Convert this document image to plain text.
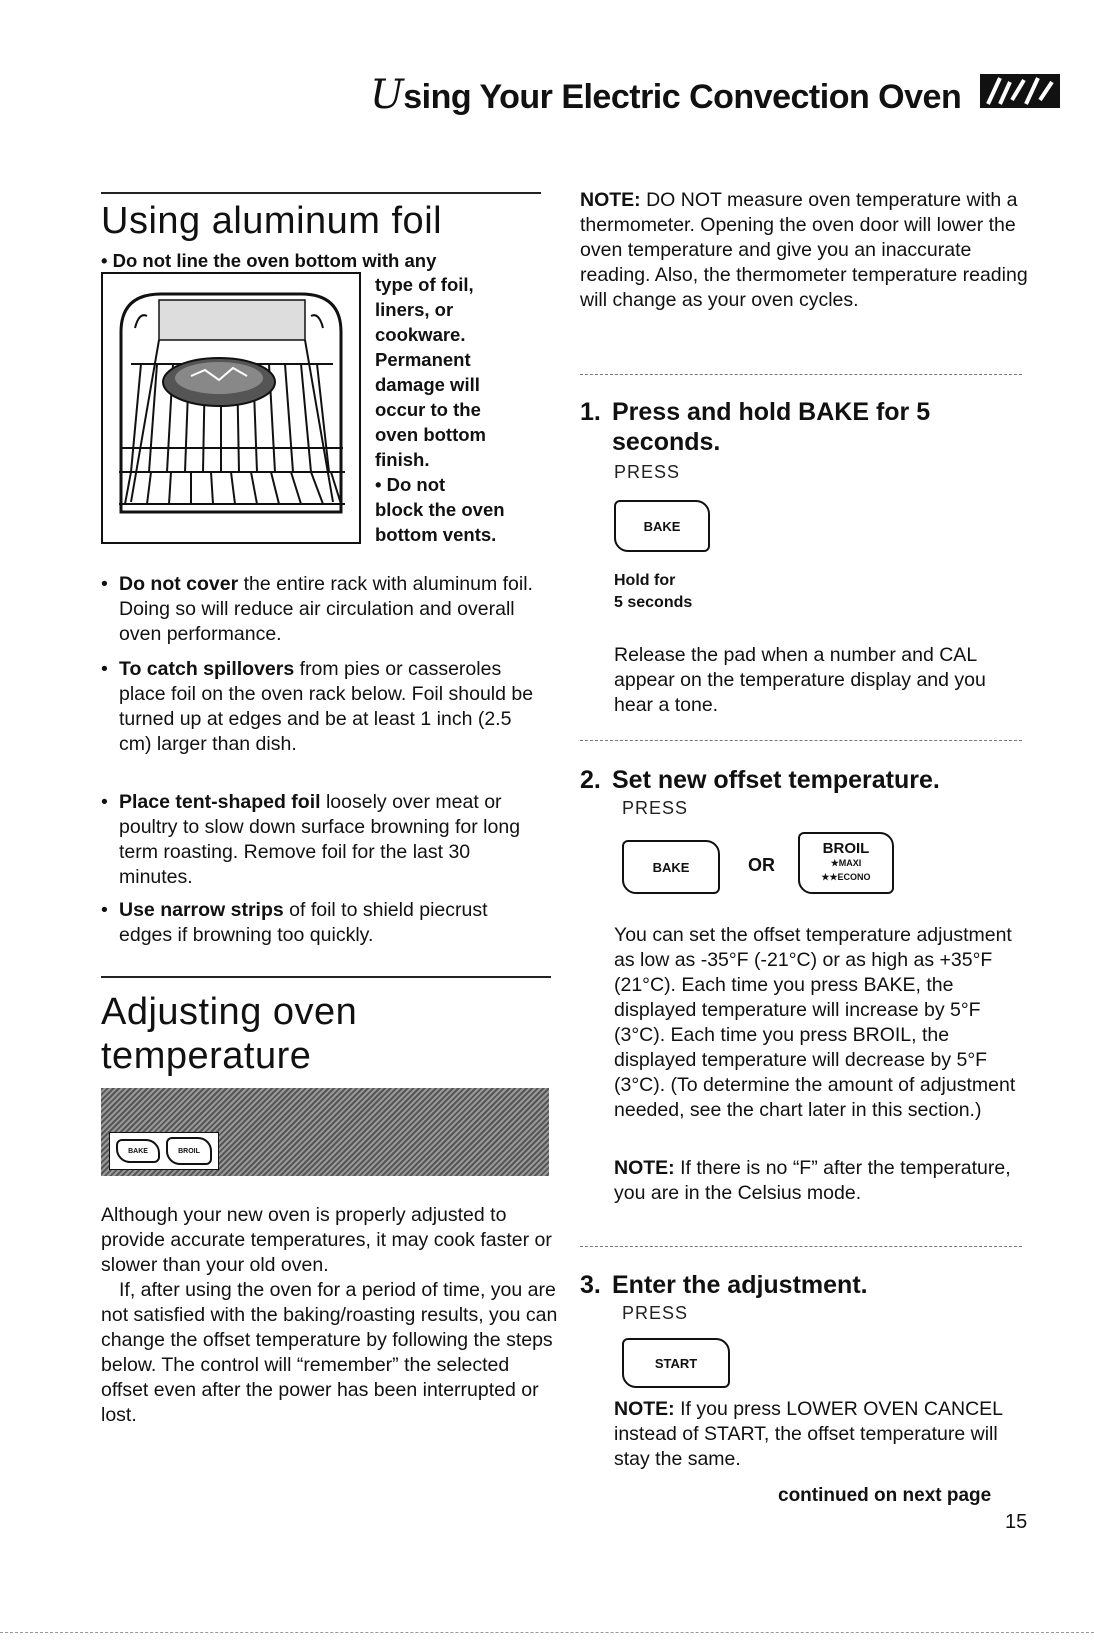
Using Your Electric Convection Oven
Using aluminum foil
• Do not line the oven bottom with any
type of foil,
liners, or
cookware.
Permanent
damage will
occur to the
oven bottom
finish.
• Do not
block the oven
bottom vents.
• Do not cover the entire rack with aluminum foil. Doing so will reduce air circulation and overall oven performance.
• To catch spillovers from pies or casseroles place foil on the oven rack below. Foil should be turned up at edges and be at least 1 inch (2.5 cm) larger than dish.
• Place tent-shaped foil loosely over meat or poultry to slow down surface browning for long term roasting. Remove foil for the last 30 minutes.
• Use narrow strips of foil to shield piecrust edges if browning too quickly.
Adjusting oven
temperature
BAKE	BROIL
Although your new oven is properly adjusted to provide accurate temperatures, it may cook faster or slower than your old oven.
If, after using the oven for a period of time, you are not satisfied with the baking/roasting results, you can change the offset temperature by following the steps below. The control will “remember” the selected offset even after the power has been interrupted or lost.
NOTE: DO NOT measure oven temperature with a thermometer. Opening the oven door will lower the oven temperature and give you an inaccurate reading. Also, the thermometer temperature reading will change as your oven cycles.
1. Press and hold BAKE for 5 seconds.
PRESS
BAKE
Hold for
5 seconds
Release the pad when a number and CAL appear on the temperature display and you hear a tone.
2. Set new offset temperature.
PRESS
BAKE	OR
BROIL
★MAXI
★★ECONO
You can set the offset temperature adjustment as low as -35°F (-21°C) or as high as +35°F (21°C). Each time you press BAKE, the displayed temperature will increase by 5°F (3°C). Each time you press BROIL, the displayed temperature will decrease by 5°F (3°C). (To determine the amount of adjustment needed, see the chart later in this section.)
NOTE: If there is no “F” after the temperature, you are in the Celsius mode.
3. Enter the adjustment.
PRESS
START
NOTE: If you press LOWER OVEN CANCEL instead of START, the offset temperature will stay the same.
continued on next page
15
